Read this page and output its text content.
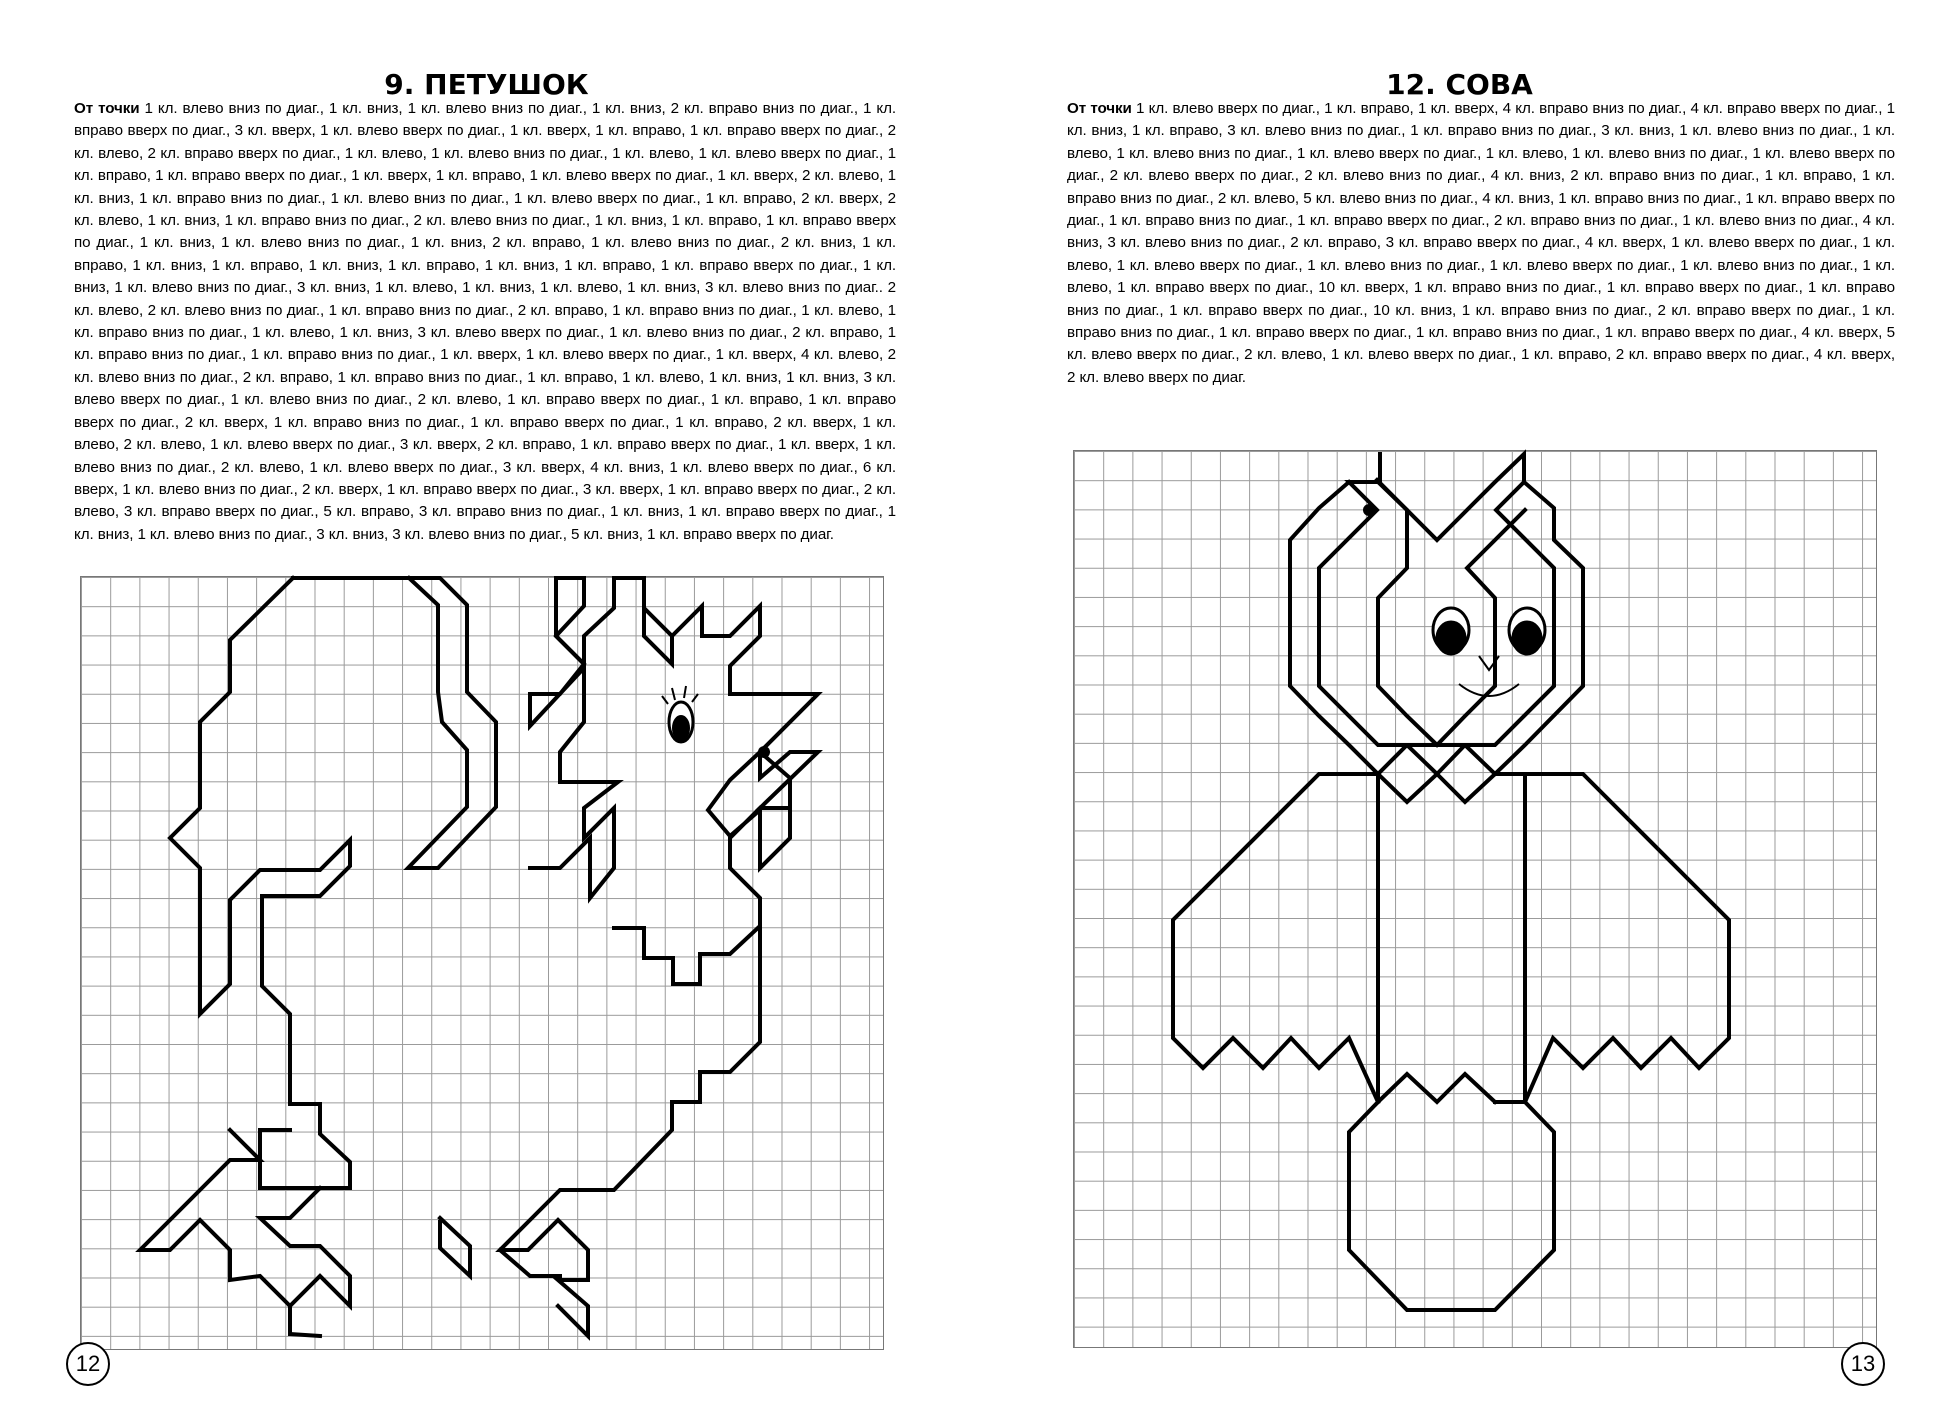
9. ПЕТУШОК

От точки 1 кл. влево вниз по диаг., 1 кл. вниз, 1 кл. влево вниз по диаг., 1 кл. вниз, 2 кл. вправо вниз по диаг., 1 кл. вправо вверх по диаг., 3 кл. вверх, 1 кл. влево вверх по диаг., 1 кл. вверх, 1 кл. вправо, 1 кл. вправо вверх по диаг., 2 кл. влево, 2 кл. вправо вверх по диаг., 1 кл. влево, 1 кл. влево вниз по диаг., 1 кл. влево, 1 кл. влево вверх по диаг., 1 кл. вправо, 1 кл. вправо вверх по диаг., 1 кл. вверх, 1 кл. вправо, 1 кл. влево вверх по диаг., 1 кл. вверх, 2 кл. влево, 1 кл. вниз, 1 кл. вправо вниз по диаг., 1 кл. влево вниз по диаг., 1 кл. влево вверх по диаг., 1 кл. вправо, 2 кл. вверх, 2 кл. влево, 1 кл. вниз, 1 кл. вправо вниз по диаг., 2 кл. влево вниз по диаг., 1 кл. вниз, 1 кл. вправо, 1 кл. вправо вверх по диаг., 1 кл. вниз, 1 кл. влево вниз по диаг., 1 кл. вниз, 2 кл. вправо, 1 кл. влево вниз по диаг., 2 кл. вниз, 1 кл. вправо, 1 кл. вниз, 1 кл. вправо, 1 кл. вниз, 1 кл. вправо, 1 кл. вниз, 1 кл. вправо, 1 кл. вправо вверх по диаг., 1 кл. вниз, 1 кл. влево вниз по диаг., 3 кл. вниз, 1 кл. влево, 1 кл. вниз, 1 кл. влево, 1 кл. вниз, 3 кл. влево вниз по диаг.. 2 кл. влево, 2 кл. влево вниз по диаг., 1 кл. вправо вниз по диаг., 2 кл. вправо, 1 кл. вправо вниз по диаг., 1 кл. влево, 1 кл. вправо вниз по диаг., 1 кл. влево, 1 кл. вниз, 3 кл. влево вверх по диаг., 1 кл. влево вниз по диаг., 2 кл. вправо, 1 кл. вправо вниз по диаг., 1 кл. вправо вниз по диаг., 1 кл. вверх, 1 кл. влево вверх по диаг., 1 кл. вверх, 4 кл. влево, 2 кл. влево вниз по диаг., 2 кл. вправо, 1 кл. вправо вниз по диаг., 1 кл. вправо, 1 кл. влево, 1 кл. вниз, 1 кл. вниз, 3 кл. влево вверх по диаг., 1 кл. влево вниз по диаг., 2 кл. влево, 1 кл. вправо вверх по диаг., 1 кл. вправо, 1 кл. вправо вверх по диаг., 2 кл. вверх, 1 кл. вправо вниз по диаг., 1 кл. вправо вверх по диаг., 1 кл. вправо, 2 кл. вверх, 1 кл. влево, 2 кл. влево, 1 кл. влево вверх по диаг., 3 кл. вверх, 2 кл. вправо, 1 кл. вправо вверх по диаг., 1 кл. вверх, 1 кл. влево вниз по диаг., 2 кл. влево, 1 кл. влево вверх по диаг., 3 кл. вверх, 4 кл. вниз, 1 кл. влево вверх по диаг., 6 кл. вверх, 1 кл. влево вниз по диаг., 2 кл. вверх, 1 кл. вправо вверх по диаг., 3 кл. вверх, 1 кл. вправо вверх по диаг., 2 кл. влево, 3 кл. вправо вверх по диаг., 5 кл. вправо, 3 кл. вправо вниз по диаг., 1 кл. вниз, 1 кл. вправо вверх по диаг., 1 кл. вниз, 1 кл. влево вниз по диаг., 3 кл. вниз, 3 кл. влево вниз по диаг., 5 кл. вниз, 1 кл. вправо вверх по диаг.

12
12. СОВА

От точки 1 кл. влево вверх по диаг., 1 кл. вправо, 1 кл. вверх, 4 кл. вправо вниз по диаг., 4 кл. вправо вверх по диаг., 1 кл. вниз, 1 кл. вправо, 3 кл. влево вниз по диаг., 1 кл. вправо вниз по диаг., 3 кл. вниз, 1 кл. влево вниз по диаг., 1 кл. влево, 1 кл. влево вниз по диаг., 1 кл. влево вверх по диаг., 1 кл. влево, 1 кл. влево вниз по диаг., 1 кл. влево вверх по диаг., 2 кл. влево вверх по диаг., 2 кл. влево вниз по диаг., 4 кл. вниз, 2 кл. вправо вниз по диаг., 1 кл. вправо, 1 кл. вправо вниз по диаг., 2 кл. влево, 5 кл. влево вниз по диаг., 4 кл. вниз, 1 кл. вправо вниз по диаг., 1 кл. вправо вверх по диаг., 1 кл. вправо вниз по диаг., 1 кл. вправо вверх по диаг., 2 кл. вправо вниз по диаг., 1 кл. влево вниз по диаг., 4 кл. вниз, 3 кл. влево вниз по диаг., 2 кл. вправо, 3 кл. вправо вверх по диаг., 4 кл. вверх, 1 кл. влево вверх по диаг., 1 кл. влево, 1 кл. влево вверх по диаг., 1 кл. влево вниз по диаг., 1 кл. влево вверх по диаг., 1 кл. влево вниз по диаг., 1 кл. влево, 1 кл. вправо вверх по диаг., 10 кл. вверх, 1 кл. вправо вниз по диаг., 1 кл. вправо вверх по диаг., 1 кл. вправо вниз по диаг., 1 кл. вправо вверх по диаг., 10 кл. вниз, 1 кл. вправо вниз по диаг., 2 кл. вправо вверх по диаг., 1 кл. вправо вниз по диаг., 1 кл. вправо вверх по диаг., 1 кл. вправо вниз по диаг., 1 кл. вправо вверх по диаг., 4 кл. вверх, 5 кл. влево вверх по диаг., 2 кл. влево, 1 кл. влево вверх по диаг., 1 кл. вправо, 2 кл. вправо вверх по диаг., 4 кл. вверх, 2 кл. влево вверх по диаг.

13
